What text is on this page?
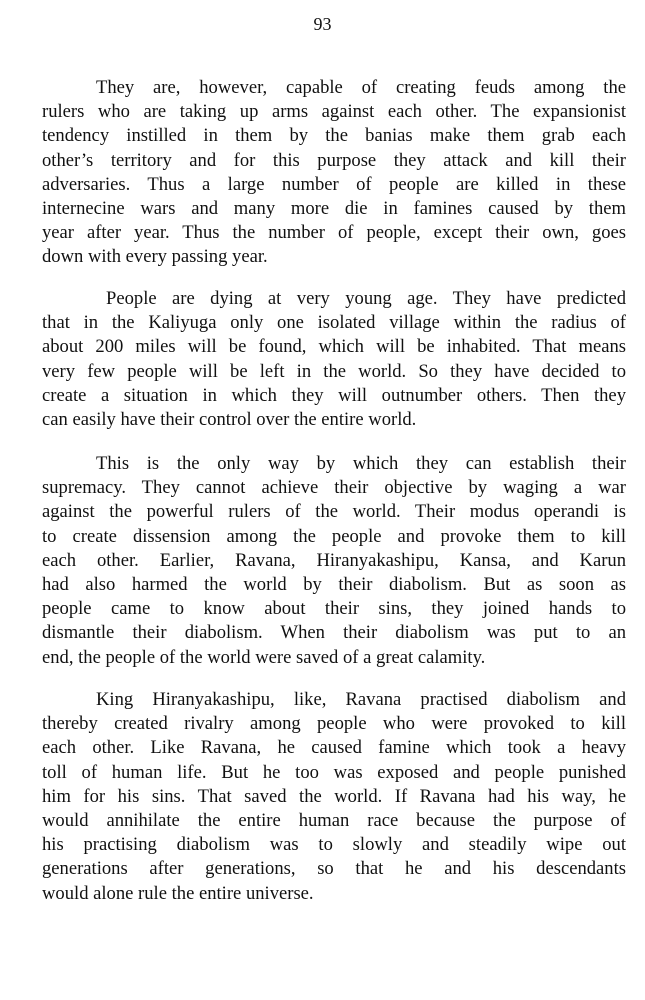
93
They are, however, capable of creating feuds among the
rulers who are taking up arms against each other. The expansionist
tendency instilled in them by the banias make them grab each
other’s territory and for this purpose they attack and kill their
adversaries. Thus a large number of people are killed in these
internecine wars and many more die in famines caused by them
year after year. Thus the number of people, except their own, goes
down with every passing year.
People are dying at very young age. They have predicted
that in the Kaliyuga only one isolated village within the radius of
about 200 miles will be found, which will be inhabited. That means
very few people will be left in the world. So they have decided to
create a situation in which they will outnumber others. Then they
can easily have their control over the entire world.
This is the only way by which they can establish their
supremacy. They cannot achieve their objective by waging a war
against the powerful rulers of the world. Their modus operandi is
to create dissension among the people and provoke them to kill
each other. Earlier, Ravana, Hiranyakashipu, Kansa, and Karun
had also harmed the world by their diabolism. But as soon as
people came to know about their sins, they joined hands to
dismantle their diabolism. When their diabolism was put to an
end, the people of the world were saved of a great calamity.
King Hiranyakashipu, like, Ravana practised diabolism and
thereby created rivalry among people who were provoked to kill
each other. Like Ravana, he caused famine which took a heavy
toll of human life. But he too was exposed and people punished
him for his sins. That saved the world. If Ravana had his way, he
would annihilate the entire human race because the purpose of
his practising diabolism was to slowly and steadily wipe out
generations after generations, so that he and his descendants
would alone rule the entire universe.
